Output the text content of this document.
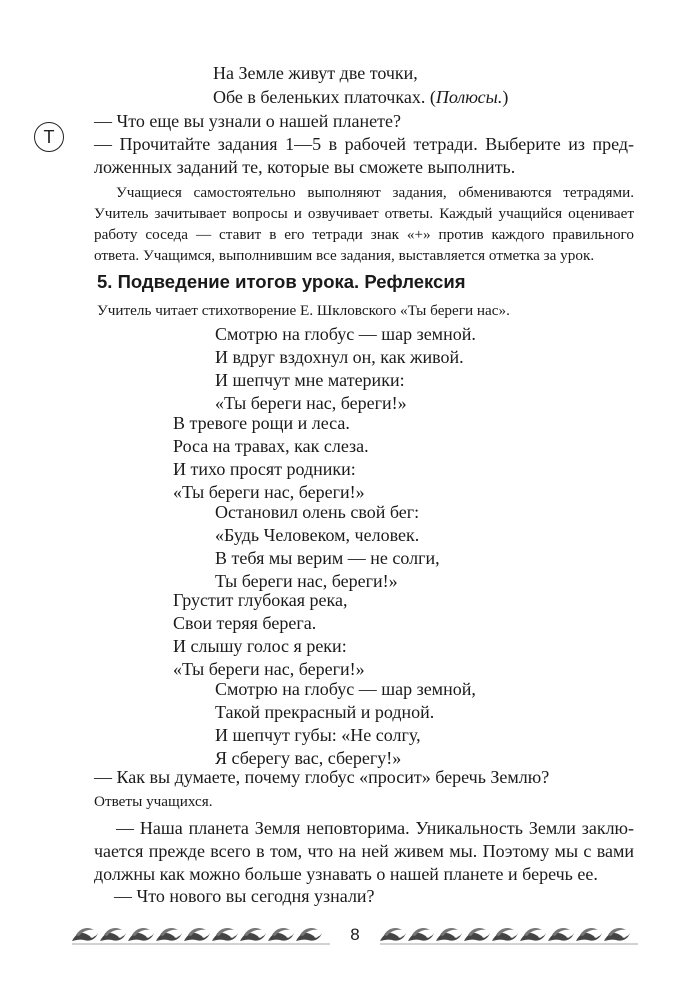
На Земле живут две точки,
Обе в беленьких платочках. (Полюсы.)
— Что еще вы узнали о нашей планете?
Т — Прочитайте задания 1—5 в рабочей тетради. Выберите из предложенных заданий те, которые вы сможете выполнить.
Учащиеся самостоятельно выполняют задания, обмениваются тетрадями. Учитель зачитывает вопросы и озвучивает ответы. Каждый учащийся оценивает работу соседа — ставит в его тетради знак «+» против каждого правильного ответа. Учащимся, выполнившим все задания, выставляется отметка за урок.
5. Подведение итогов урока. Рефлексия
Учитель читает стихотворение Е. Шкловского «Ты береги нас».
Смотрю на глобус — шар земной.
И вдруг вздохнул он, как живой.
И шепчут мне материки:
«Ты береги нас, береги!»
В тревоге рощи и леса.
Роса на травах, как слеза.
И тихо просят родники:
«Ты береги нас, береги!»
Остановил олень свой бег:
«Будь Человеком, человек.
В тебя мы верим — не солги,
Ты береги нас, береги!»
Грустит глубокая река,
Свои теряя берега.
И слышу голос я реки:
«Ты береги нас, береги!»
Смотрю на глобус — шар земной,
Такой прекрасный и родной.
И шепчут губы: «Не солгу,
Я сберегу вас, сберегу!»
— Как вы думаете, почему глобус «просит» беречь Землю?
Ответы учащихся.
— Наша планета Земля неповторима. Уникальность Земли заключается прежде всего в том, что на ней живем мы. Поэтому мы с вами должны как можно больше узнавать о нашей планете и беречь ее.
— Что нового вы сегодня узнали?
8
